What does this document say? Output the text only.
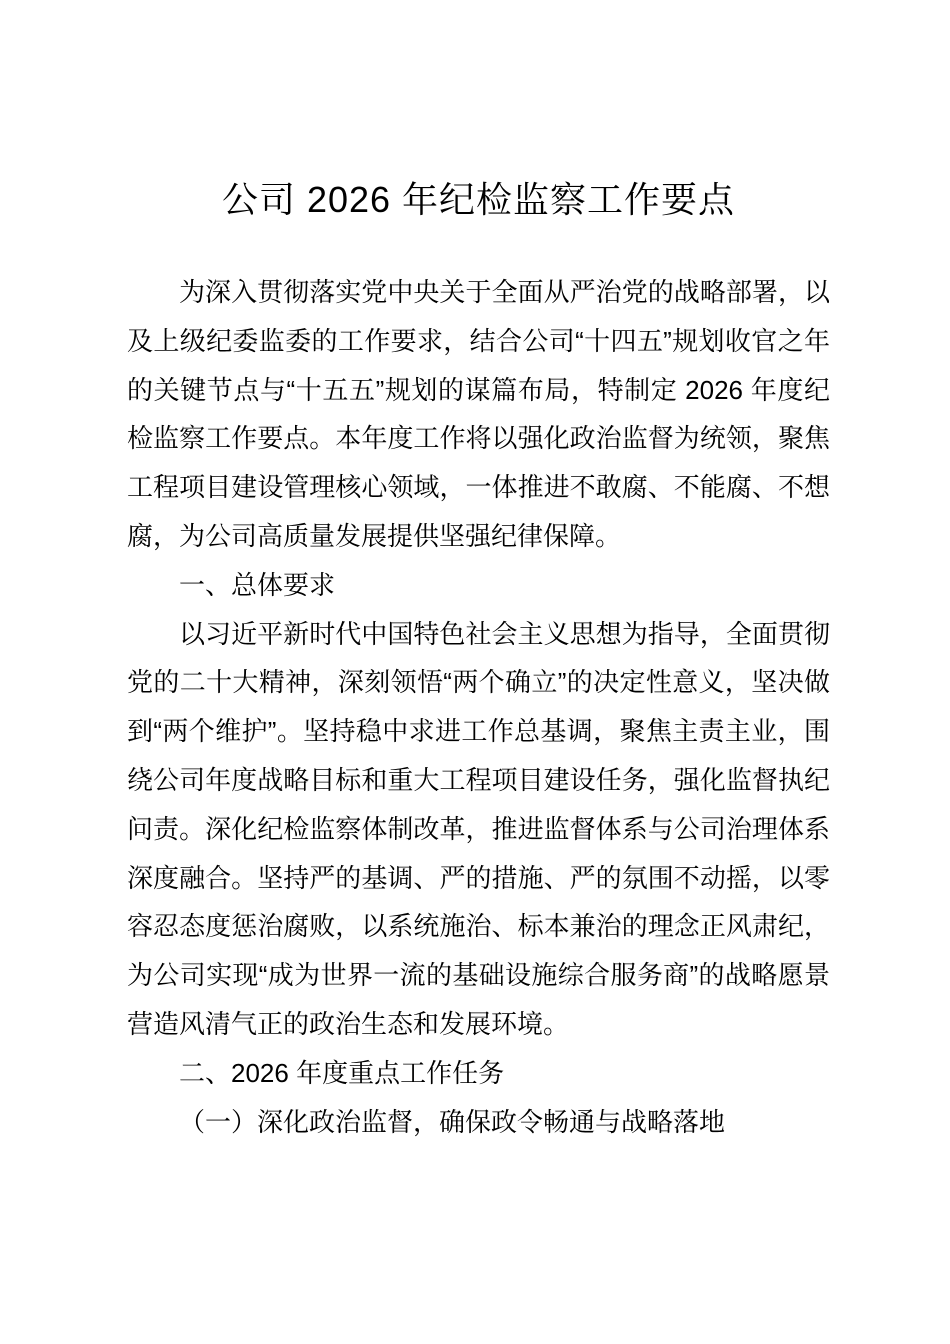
公司 2026 年纪检监察工作要点

为深入贯彻落实党中央关于全面从严治党的战略部署，以及上级纪委监委的工作要求，结合公司“十四五”规划收官之年的关键节点与“十五五”规划的谋篇布局，特制定 2026 年度纪检监察工作要点。本年度工作将以强化政治监督为统领，聚焦工程项目建设管理核心领域，一体推进不敢腐、不能腐、不想腐，为公司高质量发展提供坚强纪律保障。

一、总体要求

以习近平新时代中国特色社会主义思想为指导，全面贯彻党的二十大精神，深刻领悟“两个确立”的决定性意义，坚决做到“两个维护”。坚持稳中求进工作总基调，聚焦主责主业，围绕公司年度战略目标和重大工程项目建设任务，强化监督执纪问责。深化纪检监察体制改革，推进监督体系与公司治理体系深度融合。坚持严的基调、严的措施、严的氛围不动摇，以零容忍态度惩治腐败，以系统施治、标本兼治的理念正风肃纪，为公司实现“成为世界一流的基础设施综合服务商”的战略愿景营造风清气正的政治生态和发展环境。

二、2026 年度重点工作任务

（一）深化政治监督，确保政令畅通与战略落地
